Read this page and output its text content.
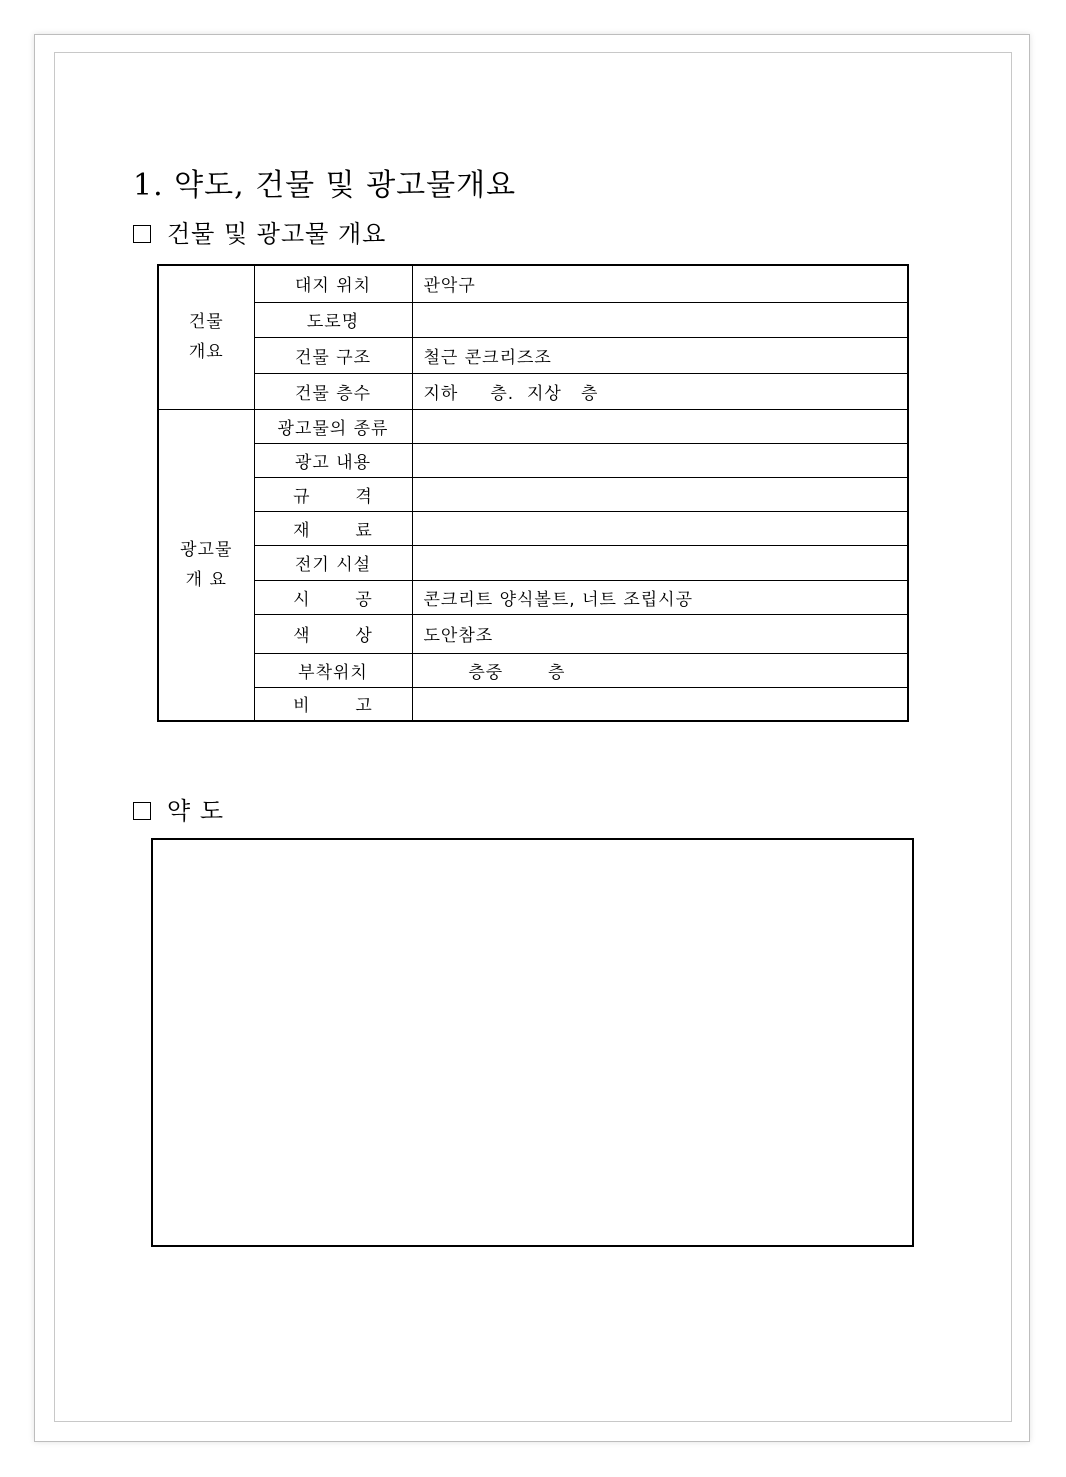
1. 약도, 건물 및 광고물개요
건물 및 광고물 개요
건물
개요	대지 위치	관악구
	도로명	
	건물 구조	철근 콘크리즈조
	건물 층수	지하     층.  지상   층

광고물
개 요	광고물의 종류	
	광고 내용	
	규       격	
	재       료	
	전기 시설	
	시       공	콘크리트 양식볼트, 너트 조립시공
	색       상	도안참조
	부착위치	층중       층
	비       고	
약 도
